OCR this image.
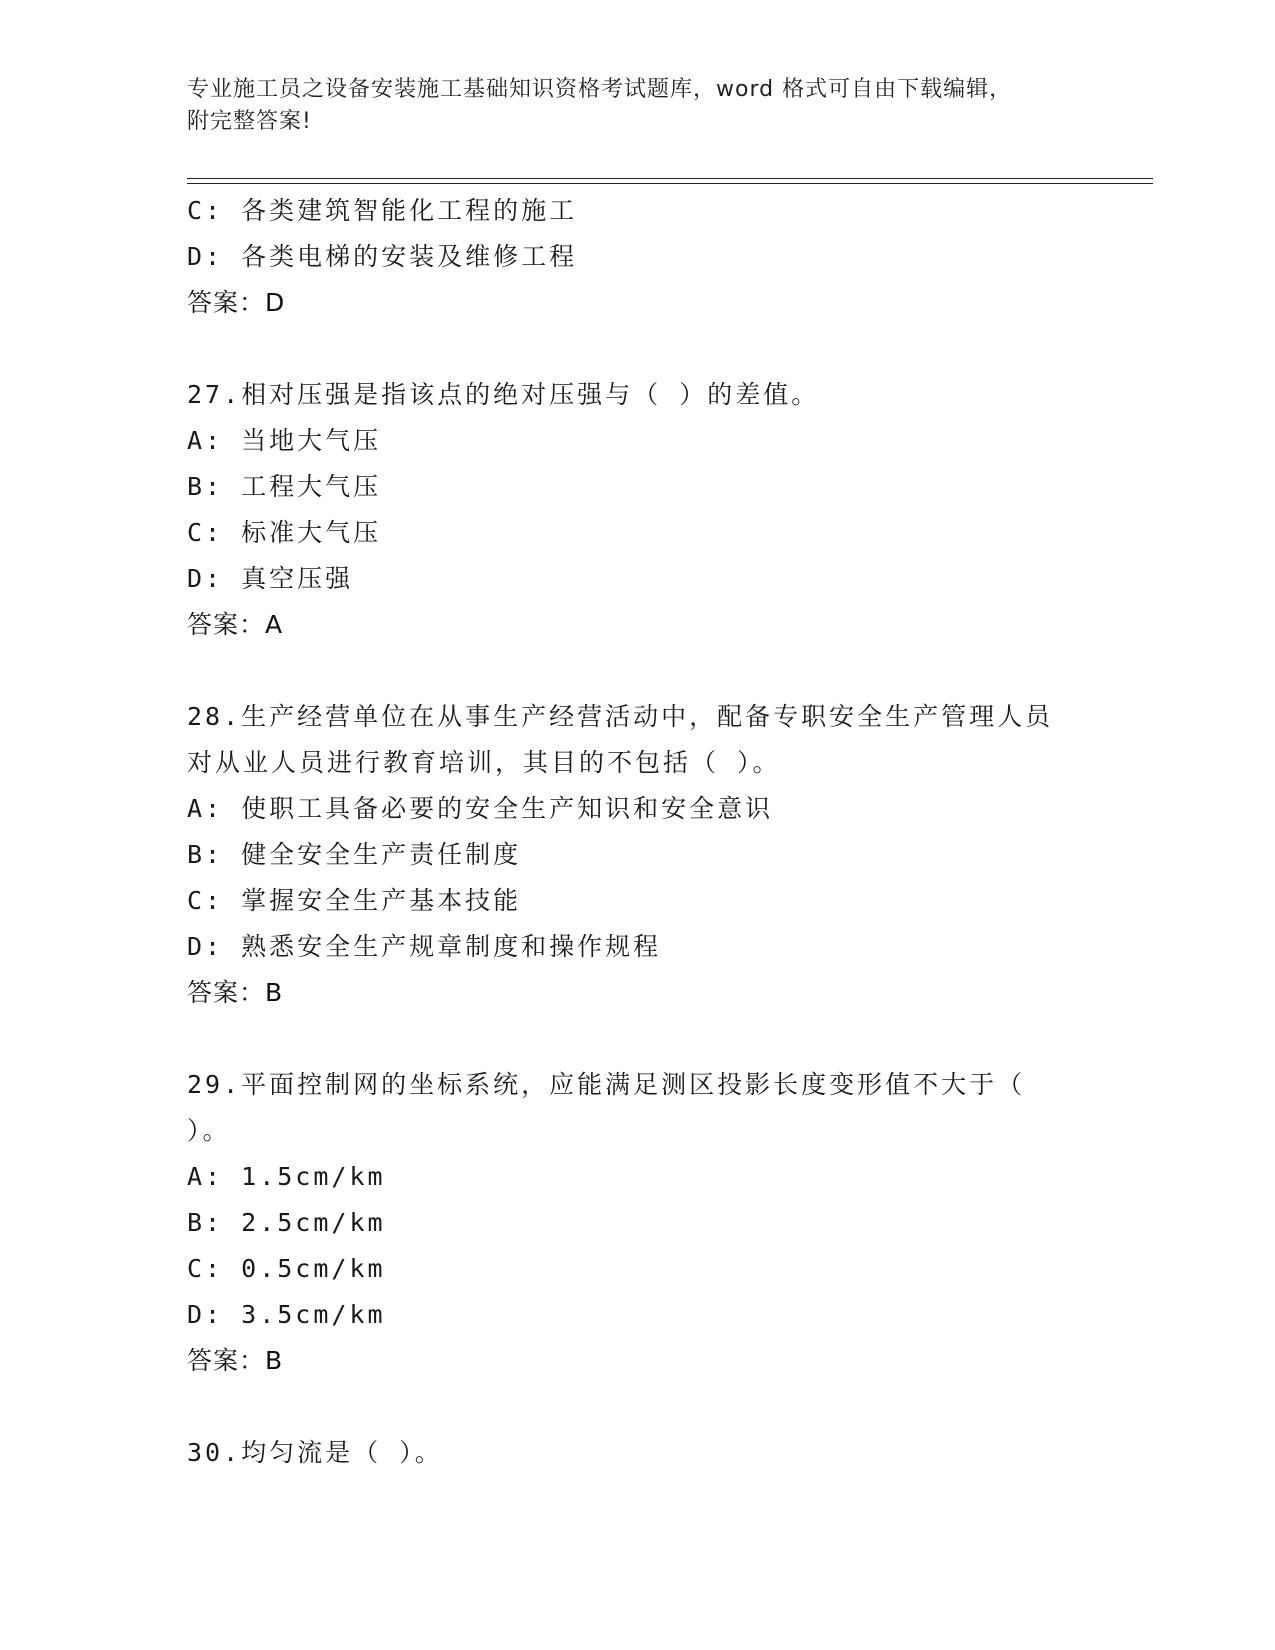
专业施工员之设备安装施工基础知识资格考试题库，word 格式可自由下载编辑，
附完整答案!
C: 各类建筑智能化工程的施工
D: 各类电梯的安装及维修工程
答案：D
27.相对压强是指该点的绝对压强与（ ）的差值。
A: 当地大气压
B: 工程大气压
C: 标准大气压
D: 真空压强
答案：A
28.生产经营单位在从事生产经营活动中，配备专职安全生产管理人员
对从业人员进行教育培训，其目的不包括（ ）。
A: 使职工具备必要的安全生产知识和安全意识
B: 健全安全生产责任制度
C: 掌握安全生产基本技能
D: 熟悉安全生产规章制度和操作规程
答案：B
29.平面控制网的坐标系统，应能满足测区投影长度变形值不大于（
）。
A: 1.5cm/km
B: 2.5cm/km
C: 0.5cm/km
D: 3.5cm/km
答案：B
30.均匀流是（ ）。
